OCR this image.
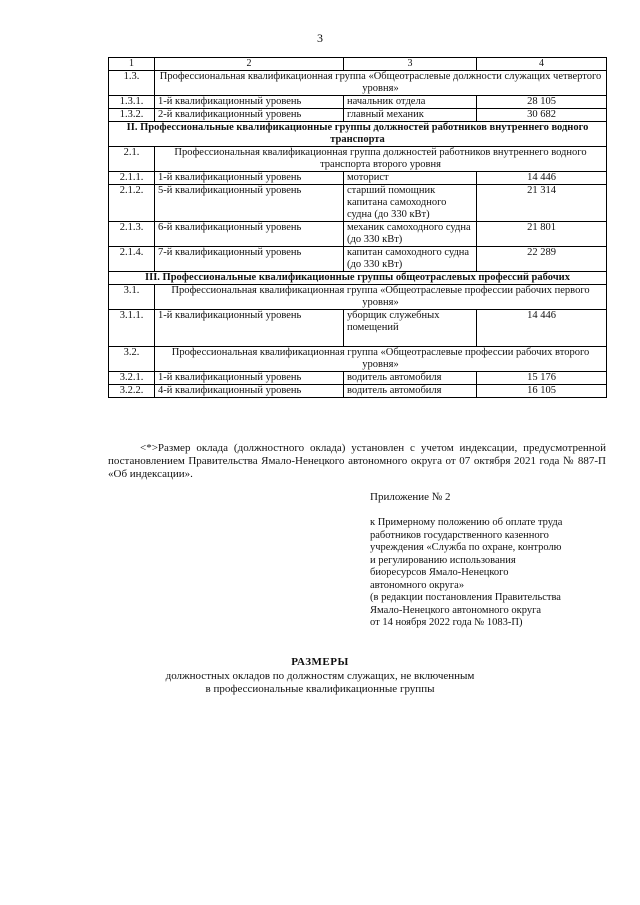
3
1	2	3	4
1.3.	Профессиональная квалификационная группа «Общеотраслевые должности служащих четвертого уровня»		
1.3.1.	1-й квалификационный уровень	начальник отдела	28 105
1.3.2.	2-й квалификационный уровень	главный механик	30 682
II. Профессиональные квалификационные группы должностей работников внутреннего водного транспорта			
2.1.	Профессиональная квалификационная группа должностей работников внутреннего водного транспорта второго уровня		
2.1.1.	1-й квалификационный уровень	моторист	14 446
2.1.2.	5-й квалификационный уровень	старший помощник капитана самоходного судна (до 330 кВт)	21 314
2.1.3.	6-й квалификационный уровень	механик самоходного судна (до 330 кВт)	21 801
2.1.4.	7-й квалификационный уровень	капитан самоходного судна (до 330 кВт)	22 289
III. Профессиональные квалификационные группы общеотраслевых профессий рабочих			
3.1.	Профессиональная квалификационная группа «Общеотраслевые профессии рабочих первого уровня»		
3.1.1.	1-й квалификационный уровень	уборщик служебных помещений	14 446
3.2.	Профессиональная квалификационная группа «Общеотраслевые профессии рабочих второго уровня»		
3.2.1.	1-й квалификационный уровень	водитель автомобиля	15 176
3.2.2.	4-й квалификационный уровень	водитель автомобиля	16 105

<*>Размер оклада (должностного оклада) установлен с учетом индексации, предусмотренной постановлением Правительства Ямало-Ненецкого автономного округа от 07 октября 2021 года № 887-П «Об индексации».

Приложение № 2
к Примерному положению об оплате труда
работников государственного казенного
учреждения «Служба по охране, контролю
и регулированию использования
биоресурсов Ямало-Ненецкого
автономного округа»
(в редакции постановления Правительства
Ямало-Ненецкого автономного округа
от 14 ноября 2022 года № 1083-П)
РАЗМЕРЫ
должностных окладов по должностям служащих, не включенным
в профессиональные квалификационные группы
